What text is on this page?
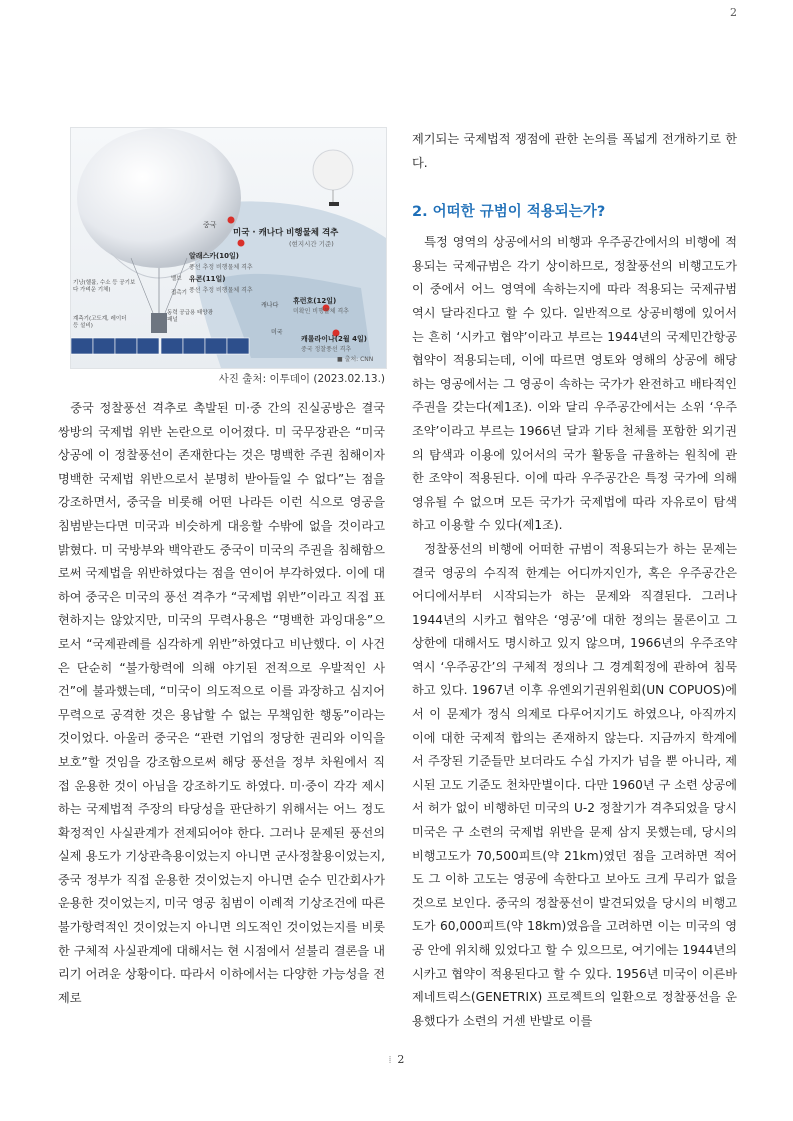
2
중국
미국 · 캐나다 비행물체 격추
(현지시간 기준)
알래스카(10일)
풍선 추정 비행물체 격추
유콘(11일)
풍선 추정 비행물체 격추
캐나다
휴런호(12일)
미확인 비행물체 격추
미국
캐롤라이나(2월 4일)
중국 정찰풍선 격추
기낭(헬륨, 수소 등 공기보다 가벼운 기체)
밸브
접촉기
계측기(고도계, 레이더 등 설비)
동력 공급용 태양광 패널
■ 출처: CNN
사진 출처: 이투데이 (2023.02.13.)

중국 정찰풍선 격추로 촉발된 미·중 간의 진실공방은 결국 쌍방의 국제법 위반 논란으로 이어졌다. 미 국무장관은 “미국 상공에 이 정찰풍선이 존재한다는 것은 명백한 주권 침해이자 명백한 국제법 위반으로서 분명히 받아들일 수 없다”는 점을 강조하면서, 중국을 비롯해 어떤 나라든 이런 식으로 영공을 침범받는다면 미국과 비슷하게 대응할 수밖에 없을 것이라고 밝혔다. 미 국방부와 백악관도 중국이 미국의 주권을 침해함으로써 국제법을 위반하였다는 점을 연이어 부각하였다. 이에 대하여 중국은 미국의 풍선 격추가 “국제법 위반”이라고 직접 표현하지는 않았지만, 미국의 무력사용은 “명백한 과잉대응”으로서 “국제관례를 심각하게 위반”하였다고 비난했다. 이 사건은 단순히 “불가항력에 의해 야기된 전적으로 우발적인 사건”에 불과했는데, “미국이 의도적으로 이를 과장하고 심지어 무력으로 공격한 것은 용납할 수 없는 무책임한 행동”이라는 것이었다. 아울러 중국은 “관련 기업의 정당한 권리와 이익을 보호”할 것임을 강조함으로써 해당 풍선을 정부 차원에서 직접 운용한 것이 아님을 강조하기도 하였다. 미·중이 각각 제시하는 국제법적 주장의 타당성을 판단하기 위해서는 어느 정도 확정적인 사실관계가 전제되어야 한다. 그러나 문제된 풍선의 실제 용도가 기상관측용이었는지 아니면 군사정찰용이었는지, 중국 정부가 직접 운용한 것이었는지 아니면 순수 민간회사가 운용한 것이었는지, 미국 영공 침범이 이례적 기상조건에 따른 불가항력적인 것이었는지 아니면 의도적인 것이었는지를 비롯한 구체적 사실관계에 대해서는 현 시점에서 섣불리 결론을 내리기 어려운 상황이다. 따라서 이하에서는 다양한 가능성을 전제로

제기되는 국제법적 쟁점에 관한 논의를 폭넓게 전개하기로 한다.

2. 어떠한 규범이 적용되는가?

특정 영역의 상공에서의 비행과 우주공간에서의 비행에 적용되는 국제규범은 각기 상이하므로, 정찰풍선의 비행고도가 이 중에서 어느 영역에 속하는지에 따라 적용되는 국제규범 역시 달라진다고 할 수 있다. 일반적으로 상공비행에 있어서는 흔히 ‘시카고 협약’이라고 부르는 1944년의 국제민간항공협약이 적용되는데, 이에 따르면 영토와 영해의 상공에 해당하는 영공에서는 그 영공이 속하는 국가가 완전하고 배타적인 주권을 갖는다(제1조). 이와 달리 우주공간에서는 소위 ‘우주조약’이라고 부르는 1966년 달과 기타 천체를 포함한 외기권의 탐색과 이용에 있어서의 국가 활동을 규율하는 원칙에 관한 조약이 적용된다. 이에 따라 우주공간은 특정 국가에 의해 영유될 수 없으며 모든 국가가 국제법에 따라 자유로이 탐색하고 이용할 수 있다(제1조).

정찰풍선의 비행에 어떠한 규범이 적용되는가 하는 문제는 결국 영공의 수직적 한계는 어디까지인가, 혹은 우주공간은 어디에서부터 시작되는가 하는 문제와 직결된다. 그러나 1944년의 시카고 협약은 ‘영공’에 대한 정의는 물론이고 그 상한에 대해서도 명시하고 있지 않으며, 1966년의 우주조약 역시 ‘우주공간’의 구체적 정의나 그 경계획정에 관하여 침묵하고 있다. 1967년 이후 유엔외기권위원회(UN COPUOS)에서 이 문제가 정식 의제로 다루어지기도 하였으나, 아직까지 이에 대한 국제적 합의는 존재하지 않는다. 지금까지 학계에서 주장된 기준들만 보더라도 수십 가지가 넘을 뿐 아니라, 제시된 고도 기준도 천차만별이다. 다만 1960년 구 소련 상공에서 허가 없이 비행하던 미국의 U-2 정찰기가 격추되었을 당시 미국은 구 소련의 국제법 위반을 문제 삼지 못했는데, 당시의 비행고도가 70,500피트(약 21km)였던 점을 고려하면 적어도 그 이하 고도는 영공에 속한다고 보아도 크게 무리가 없을 것으로 보인다. 중국의 정찰풍선이 발견되었을 당시의 비행고도가 60,000피트(약 18km)였음을 고려하면 이는 미국의 영공 안에 위치해 있었다고 할 수 있으므로, 여기에는 1944년의 시카고 협약이 적용된다고 할 수 있다. 1956년 미국이 이른바 제네트릭스(GENETRIX) 프로젝트의 일환으로 정찰풍선을 운용했다가 소련의 거센 반발로 이를

⁞ 2
